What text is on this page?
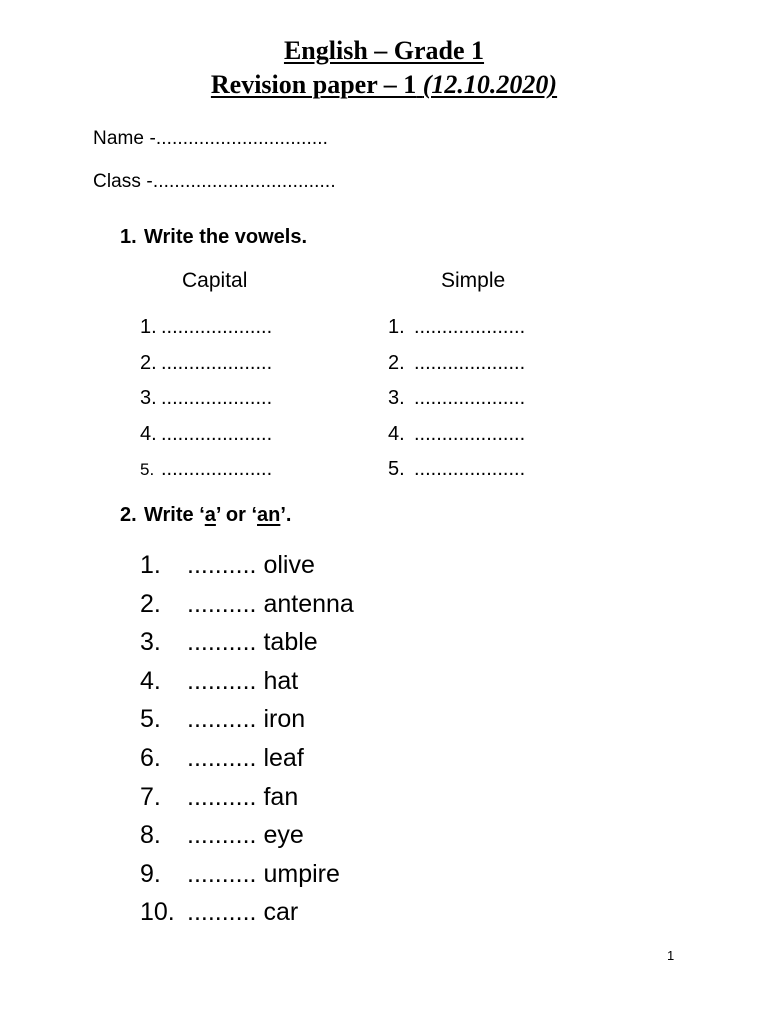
English – Grade 1
Revision paper – 1 (12.10.2020)
Name -................................
Class -..................................
1. Write the vowels.
Capital	Simple
1. ....................
2. ....................
3. ....................
4. ....................
5. ....................
1. ....................
2. ....................
3. ....................
4. ....................
5. ....................
2. Write ‘a’ or ‘an’.
1. .......... olive
2. .......... antenna
3. .......... table
4. .......... hat
5. .......... iron
6. .......... leaf
7. .......... fan
8. .......... eye
9. .......... umpire
10. .......... car
1
